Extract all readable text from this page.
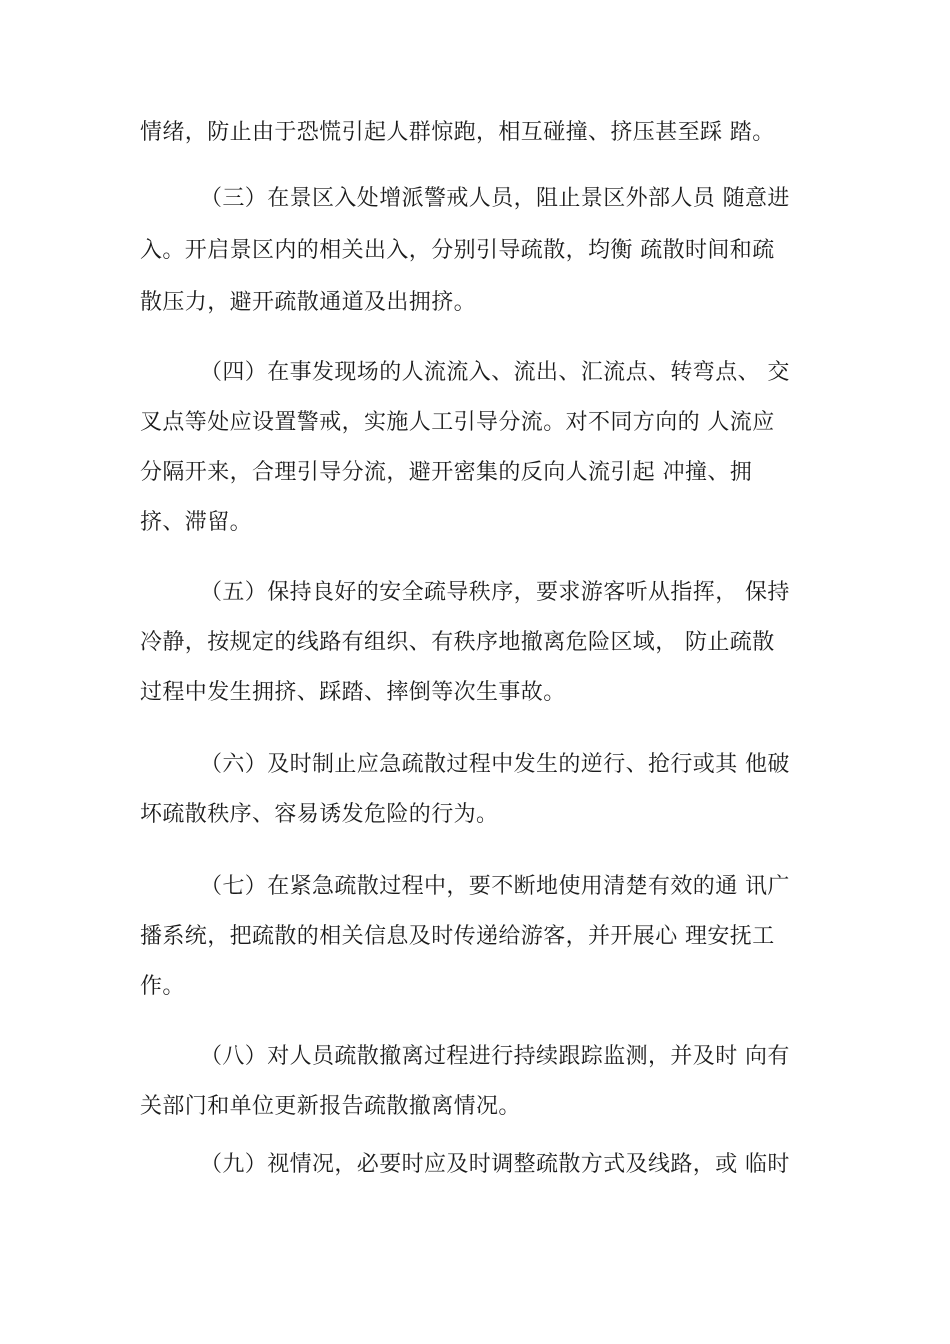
情绪，防止由于恐慌引起人群惊跑，相互碰撞、挤压甚至踩 踏。
（三）在景区入处增派警戒人员，阻止景区外部人员 随意进
入。开启景区内的相关出入，分别引导疏散，均衡 疏散时间和疏
散压力，避开疏散通道及出拥挤。
（四）在事发现场的人流流入、流出、汇流点、转弯点、 交
叉点等处应设置警戒，实施人工引导分流。对不同方向的 人流应
分隔开来，合理引导分流，避开密集的反向人流引起 冲撞、拥
挤、滞留。
（五）保持良好的安全疏导秩序，要求游客听从指挥， 保持
冷静，按规定的线路有组织、有秩序地撤离危险区域， 防止疏散
过程中发生拥挤、踩踏、摔倒等次生事故。
（六）及时制止应急疏散过程中发生的逆行、抢行或其 他破
坏疏散秩序、容易诱发危险的行为。
（七）在紧急疏散过程中，要不断地使用清楚有效的通 讯广
播系统，把疏散的相关信息及时传递给游客，并开展心 理安抚工
作。
（八）对人员疏散撤离过程进行持续跟踪监测，并及时 向有
关部门和单位更新报告疏散撤离情况。
（九）视情况，必要时应及时调整疏散方式及线路，或 临时
